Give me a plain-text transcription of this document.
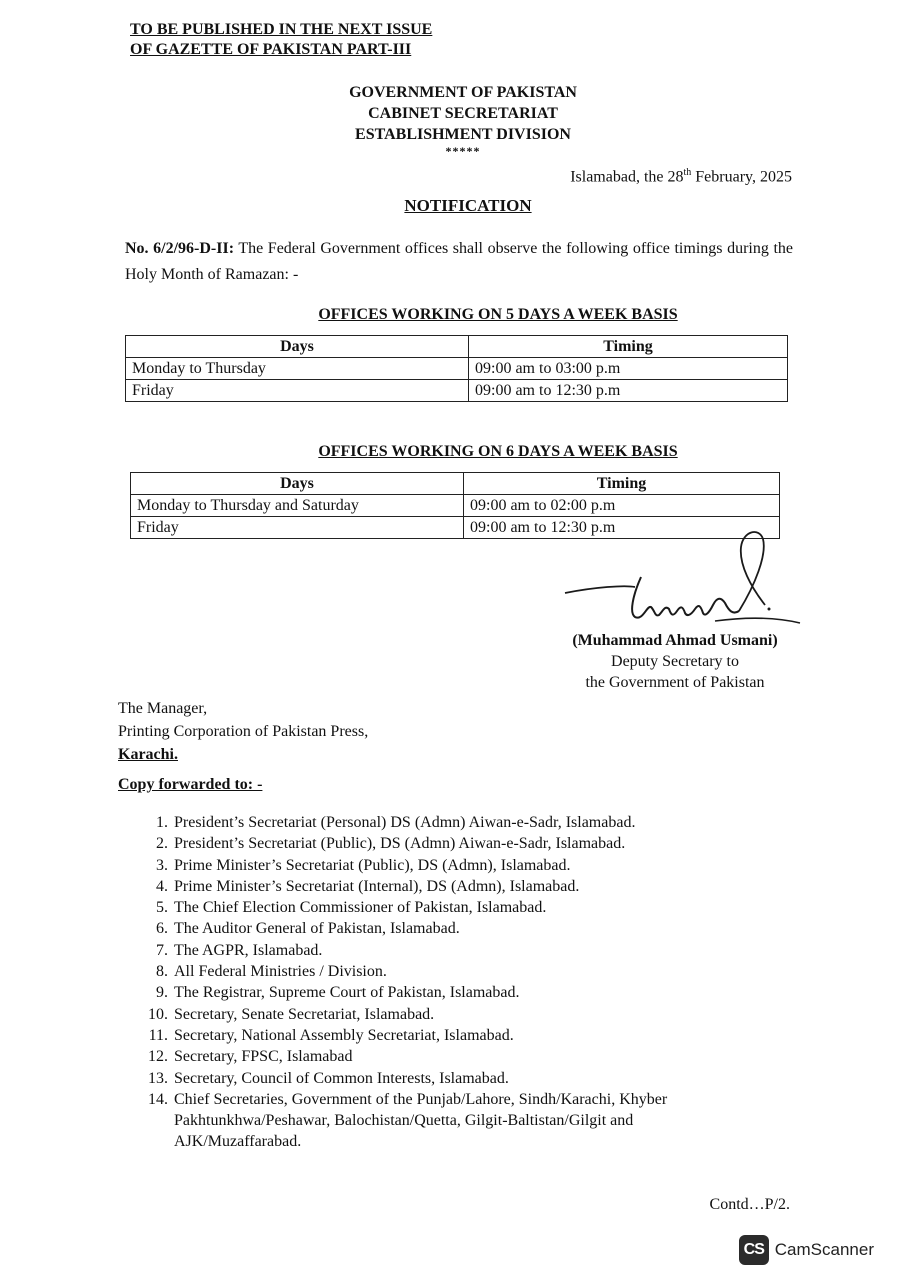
TO BE PUBLISHED IN THE NEXT ISSUE
OF GAZETTE OF PAKISTAN PART-III
GOVERNMENT OF PAKISTAN
CABINET SECRETARIAT
ESTABLISHMENT DIVISION
*****
Islamabad, the 28th February, 2025
NOTIFICATION
No. 6/2/96-D-II: The Federal Government offices shall observe the following office timings during the Holy Month of Ramazan: -
OFFICES WORKING ON 5 DAYS A WEEK BASIS
Days	Timing
Monday to Thursday	09:00 am to 03:00 p.m
Friday	09:00 am to 12:30 p.m
OFFICES WORKING ON 6 DAYS A WEEK BASIS
Days	Timing
Monday to Thursday and Saturday	09:00 am to 02:00 p.m
Friday	09:00 am to 12:30 p.m
(Muhammad Ahmad Usmani)
Deputy Secretary to
the Government of Pakistan
The Manager,
Printing Corporation of Pakistan Press,
Karachi.
Copy forwarded to: -
1. President’s Secretariat (Personal) DS (Admn) Aiwan-e-Sadr, Islamabad.
2. President’s Secretariat (Public), DS (Admn) Aiwan-e-Sadr, Islamabad.
3. Prime Minister’s Secretariat (Public), DS (Admn), Islamabad.
4. Prime Minister’s Secretariat (Internal), DS (Admn), Islamabad.
5. The Chief Election Commissioner of Pakistan, Islamabad.
6. The Auditor General of Pakistan, Islamabad.
7. The AGPR, Islamabad.
8. All Federal Ministries / Division.
9. The Registrar, Supreme Court of Pakistan, Islamabad.
10. Secretary, Senate Secretariat, Islamabad.
11. Secretary, National Assembly Secretariat, Islamabad.
12. Secretary, FPSC, Islamabad
13. Secretary, Council of Common Interests, Islamabad.
14. Chief Secretaries, Government of the Punjab/Lahore, Sindh/Karachi, Khyber Pakhtunkhwa/Peshawar, Balochistan/Quetta, Gilgit-Baltistan/Gilgit and AJK/Muzaffarabad.
Contd…P/2.
CS CamScanner
